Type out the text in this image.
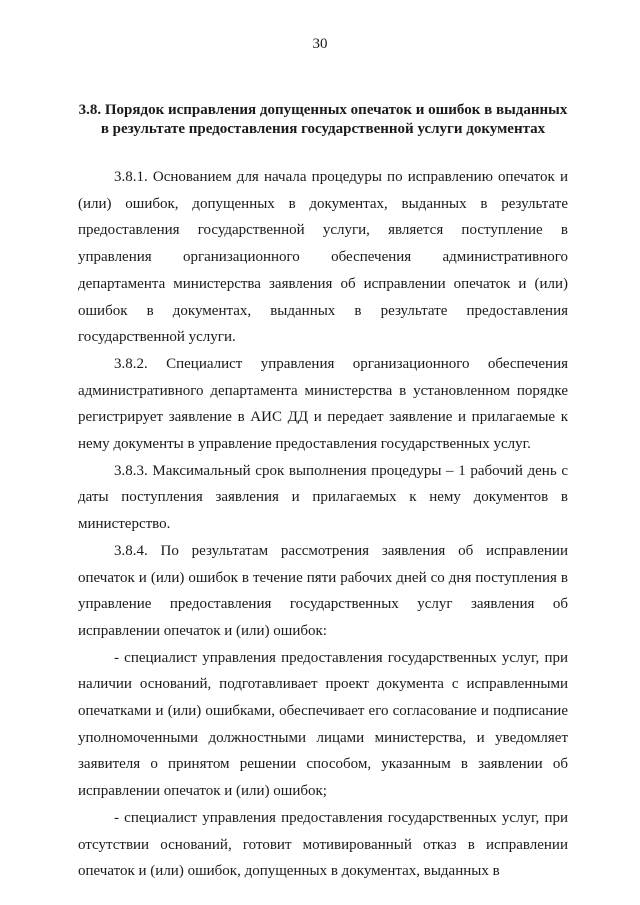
30
3.8. Порядок исправления допущенных опечаток и ошибок в выданных в результате предоставления государственной услуги документах

3.8.1. Основанием для начала процедуры по исправлению опечаток и (или) ошибок, допущенных в документах, выданных в результате предоставления государственной услуги, является поступление в управления организационного обеспечения административного департамента министерства заявления об исправлении опечаток и (или) ошибок в документах, выданных в результате предоставления государственной услуги.

3.8.2. Специалист управления организационного обеспечения административного департамента министерства в установленном порядке регистрирует заявление в АИС ДД и передает заявление и прилагаемые к нему документы в управление предоставления государственных услуг.

3.8.3. Максимальный срок выполнения процедуры – 1 рабочий день с даты поступления заявления и прилагаемых к нему документов в министерство.

3.8.4. По результатам рассмотрения заявления об исправлении опечаток и (или) ошибок в течение пяти рабочих дней со дня поступления в управление предоставления государственных услуг заявления об исправлении опечаток и (или) ошибок:

- специалист управления предоставления государственных услуг, при наличии оснований, подготавливает проект документа с исправленными опечатками и (или) ошибками, обеспечивает его согласование и подписание уполномоченными должностными лицами министерства, и уведомляет заявителя о принятом решении способом, указанным в заявлении об исправлении опечаток и (или) ошибок;

- специалист управления предоставления государственных услуг, при отсутствии оснований, готовит мотивированный отказ в исправлении опечаток и (или) ошибок, допущенных в документах, выданных в
